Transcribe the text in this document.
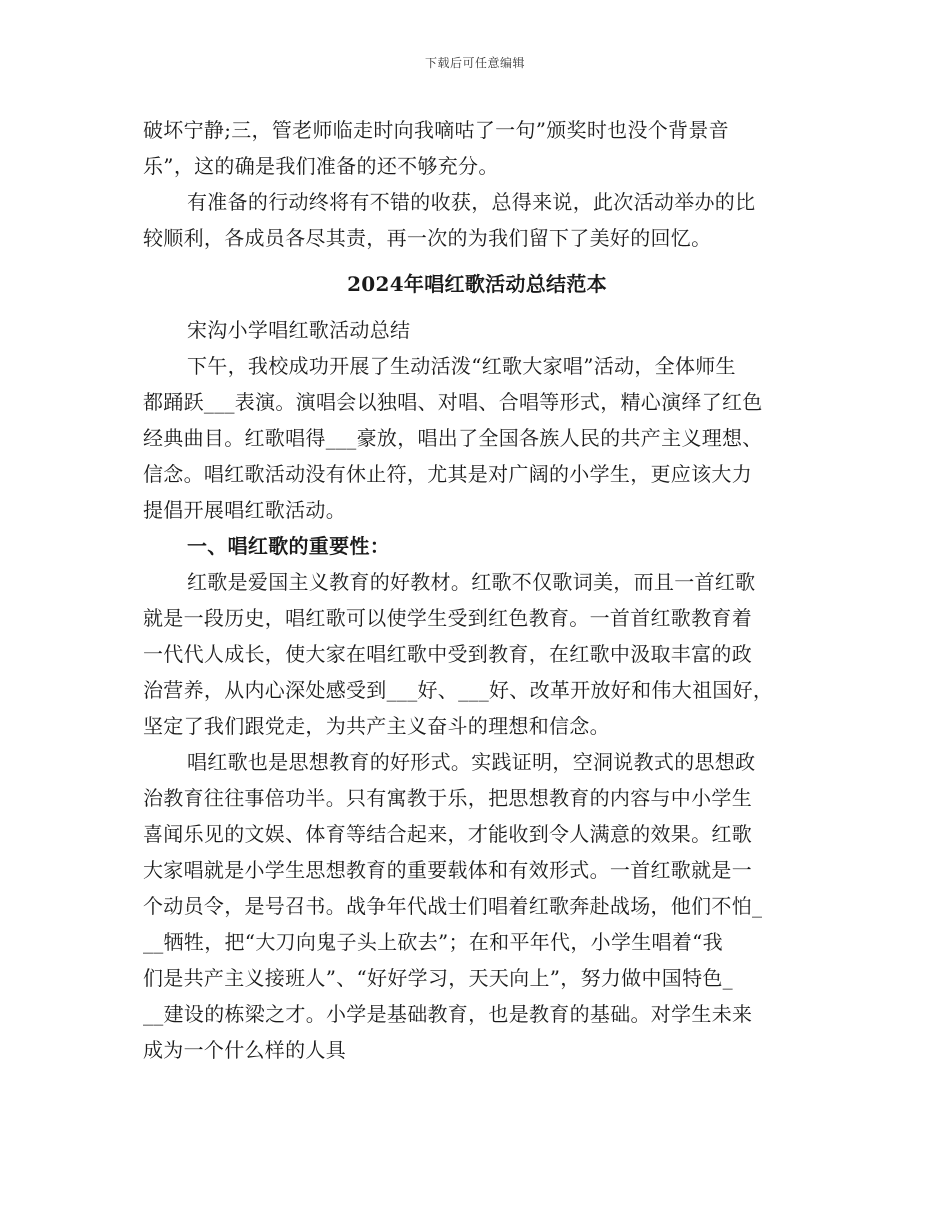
下载后可任意编辑

破坏宁静;三，管老师临走时向我嘀咕了一句”颁奖时也没个背景音
乐”，这的确是我们准备的还不够充分。

有准备的行动终将有不错的收获，总得来说，此次活动举办的比
较顺利，各成员各尽其责，再一次的为我们留下了美好的回忆。

2024年唱红歌活动总结范本

宋沟小学唱红歌活动总结

下午，我校成功开展了生动活泼“红歌大家唱”活动，全体师生
都踊跃___表演。演唱会以独唱、对唱、合唱等形式，精心演绎了红色
经典曲目。红歌唱得___豪放，唱出了全国各族人民的共产主义理想、
信念。唱红歌活动没有休止符，尤其是对广阔的小学生，更应该大力
提倡开展唱红歌活动。

一、唱红歌的重要性：

红歌是爱国主义教育的好教材。红歌不仅歌词美，而且一首红歌
就是一段历史，唱红歌可以使学生受到红色教育。一首首红歌教育着
一代代人成长，使大家在唱红歌中受到教育，在红歌中汲取丰富的政
治营养，从内心深处感受到___好、___好、改革开放好和伟大祖国好，
坚定了我们跟党走，为共产主义奋斗的理想和信念。

唱红歌也是思想教育的好形式。实践证明，空洞说教式的思想政
治教育往往事倍功半。只有寓教于乐，把思想教育的内容与中小学生
喜闻乐见的文娱、体育等结合起来，才能收到令人满意的效果。红歌
大家唱就是小学生思想教育的重要载体和有效形式。一首红歌就是一
个动员令，是号召书。战争年代战士们唱着红歌奔赴战场，他们不怕_
__牺牲，把“大刀向鬼子头上砍去”；在和平年代，小学生唱着“我
们是共产主义接班人”、“好好学习，天天向上”，努力做中国特色_
__建设的栋梁之才。小学是基础教育，也是教育的基础。对学生未来
成为一个什么样的人具
